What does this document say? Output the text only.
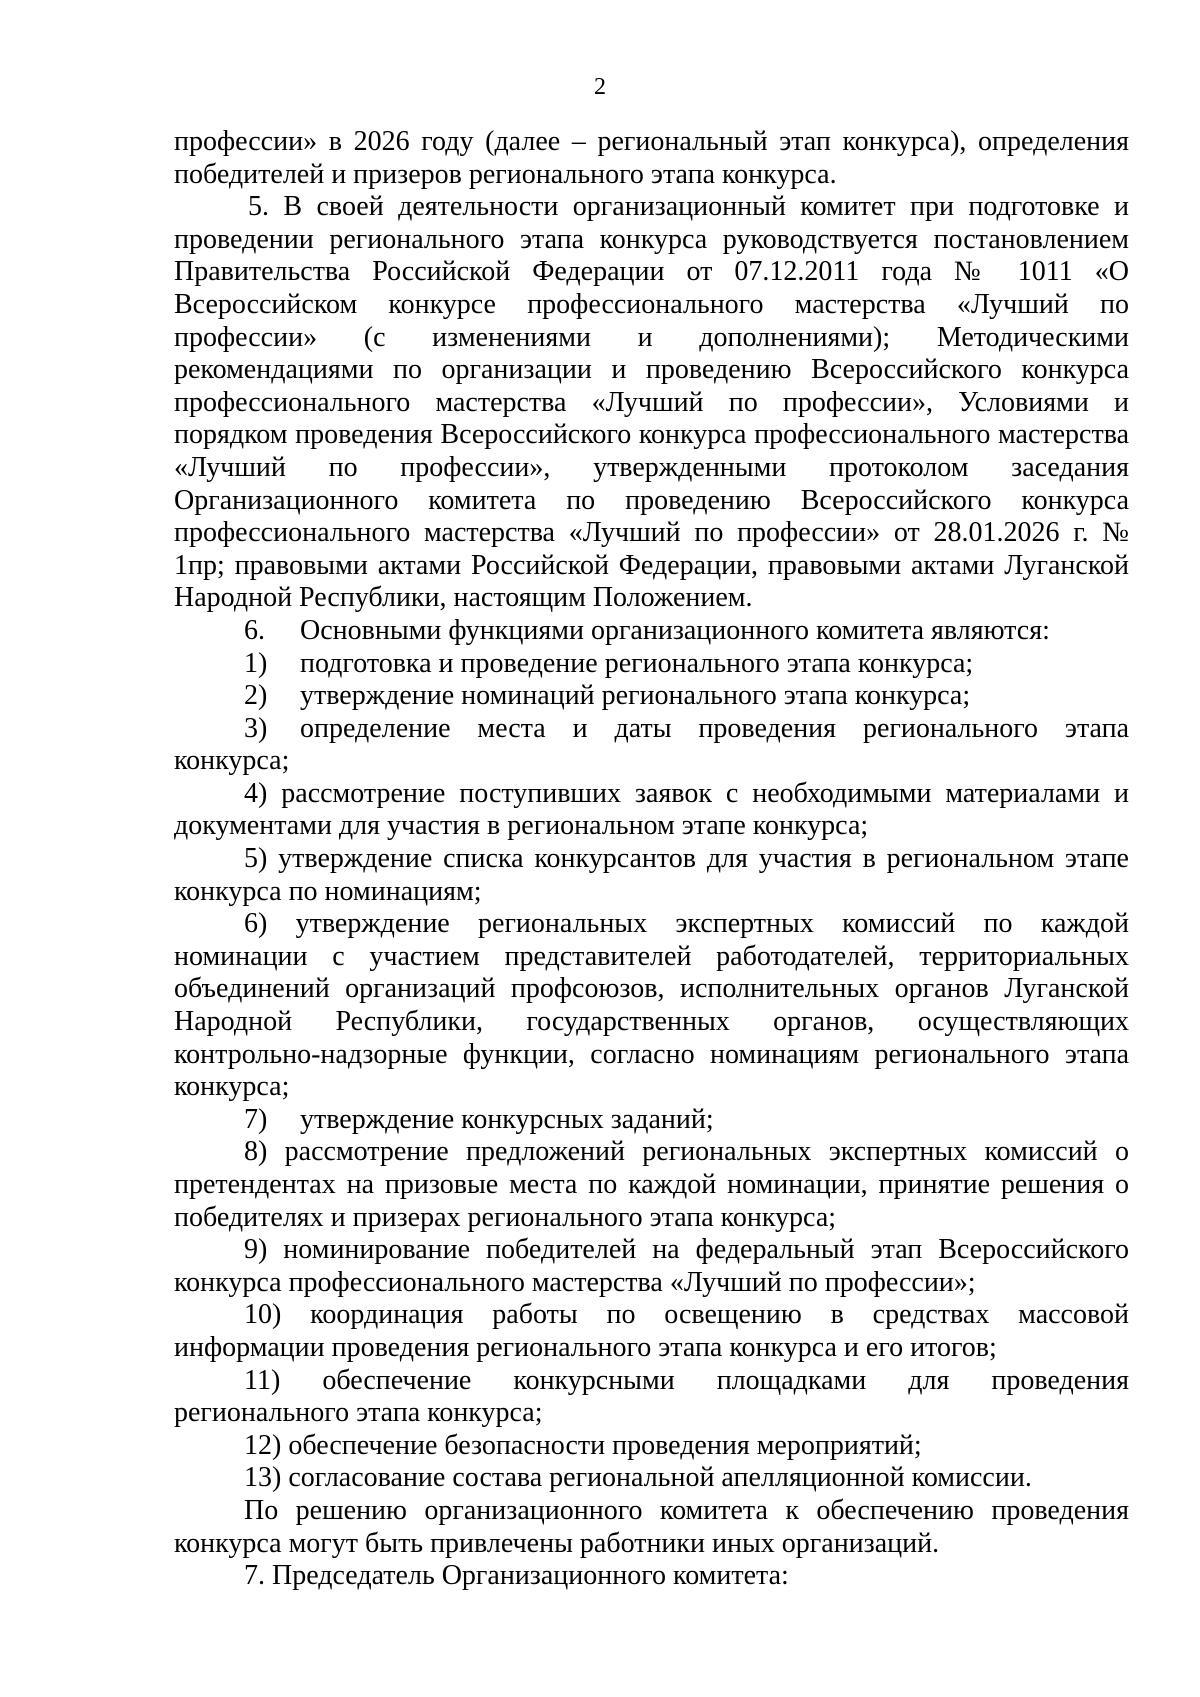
2

профессии» в 2026 году (далее – региональный этап конкурса), определения победителей и призеров регионального этапа конкурса.

5. В своей деятельности организационный комитет при подготовке и проведении регионального этапа конкурса руководствуется постановлением Правительства Российской Федерации от 07.12.2011 года № 1011 «О Всероссийском конкурсе профессионального мастерства «Лучший по профессии» (с изменениями и дополнениями); Методическими рекомендациями по организации и проведению Всероссийского конкурса профессионального мастерства «Лучший по профессии», Условиями и порядком проведения Всероссийского конкурса профессионального мастерства «Лучший по профессии», утвержденными протоколом заседания Организационного комитета по проведению Всероссийского конкурса профессионального мастерства «Лучший по профессии» от 28.01.2026 г. № 1пр; правовыми актами Российской Федерации, правовыми актами Луганской Народной Республики, настоящим Положением.

6.	Основными функциями организационного комитета являются:
1)	подготовка и проведение регионального этапа конкурса;
2)	утверждение номинаций регионального этапа конкурса;
3)	определение места и даты проведения регионального этапа

конкурса;

4) рассмотрение поступивших заявок с необходимыми материалами и документами для участия в региональном этапе конкурса;

5) утверждение списка конкурсантов для участия в региональном этапе конкурса по номинациям;

6) утверждение региональных экспертных комиссий по каждой номинации с участием представителей работодателей, территориальных объединений организаций профсоюзов, исполнительных органов Луганской Народной Республики, государственных органов, осуществляющих контрольно-надзорные функции, согласно номинациям регионального этапа конкурса;

7)	утверждение конкурсных заданий;

8) рассмотрение предложений региональных экспертных комиссий о претендентах на призовые места по каждой номинации, принятие решения о победителях и призерах регионального этапа конкурса;

9) номинирование победителей на федеральный этап Всероссийского конкурса профессионального мастерства «Лучший по профессии»;

10) координация работы по освещению в средствах массовой информации проведения регионального этапа конкурса и его итогов;

11) обеспечение конкурсными площадками для проведения регионального этапа конкурса;

12) обеспечение безопасности проведения мероприятий;

13) согласование состава региональной апелляционной комиссии.

По решению организационного комитета к обеспечению проведения конкурса могут быть привлечены работники иных организаций.

7. Председатель Организационного комитета:
